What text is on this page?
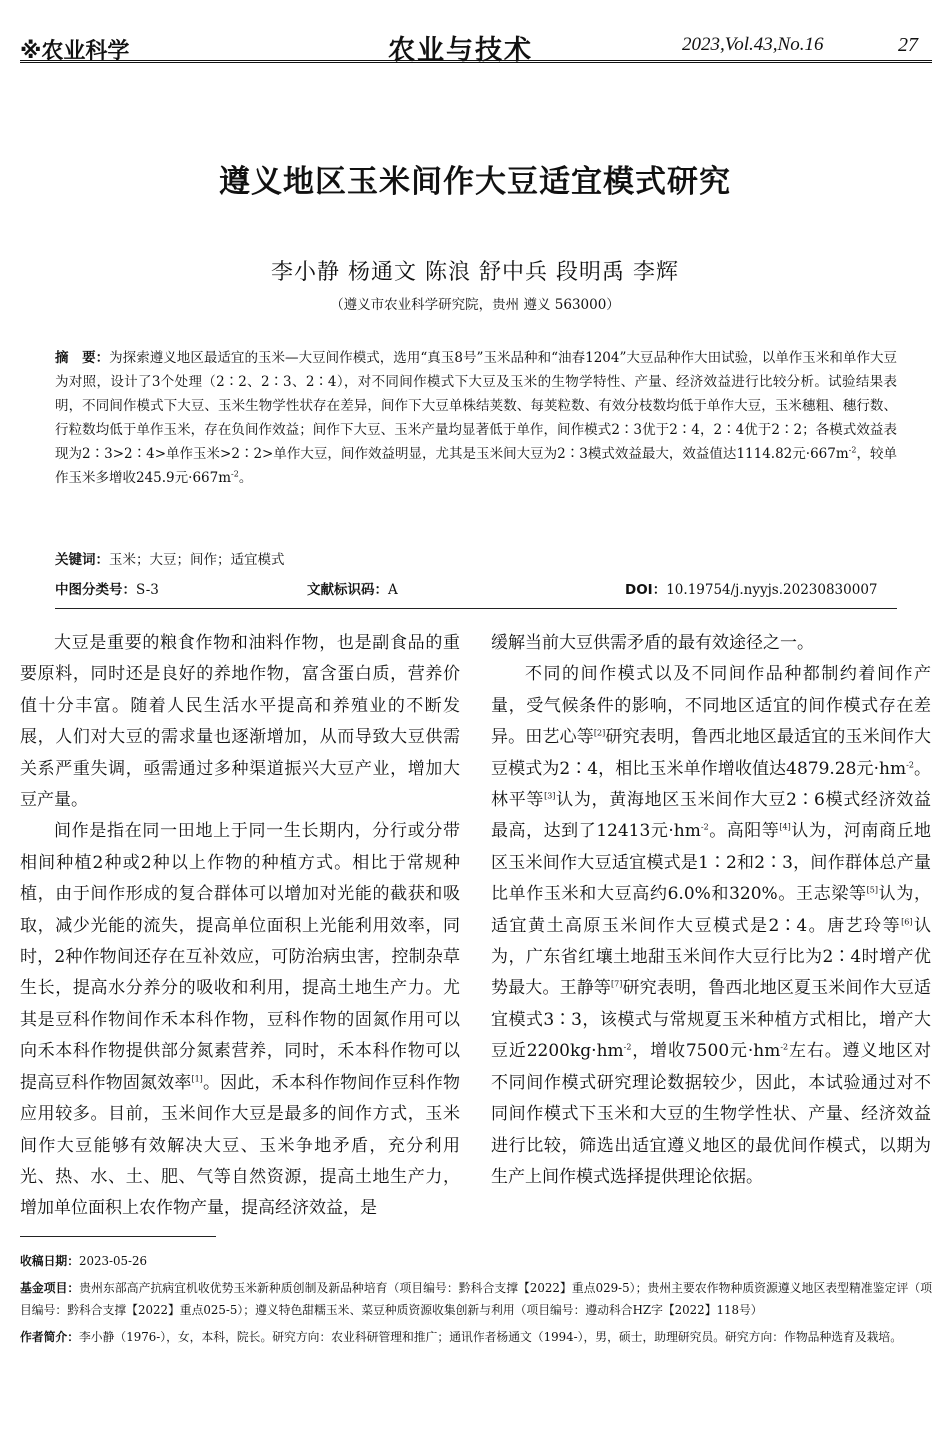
※农业科学	农业与技术	2023,Vol.43,No.16	27
遵义地区玉米间作大豆适宜模式研究
李小静 杨通文 陈浪 舒中兵 段明禹 李辉
（遵义市农业科学研究院，贵州 遵义 563000）
摘　要：为探索遵义地区最适宜的玉米—大豆间作模式，选用“真玉8号”玉米品种和“油春1204”大豆品种作大田试验，以单作玉米和单作大豆为对照，设计了3个处理（2∶2、2∶3、2∶4），对不同间作模式下大豆及玉米的生物学特性、产量、经济效益进行比较分析。试验结果表明，不同间作模式下大豆、玉米生物学性状存在差异，间作下大豆单株结荚数、每荚粒数、有效分枝数均低于单作大豆，玉米穗粗、穗行数、行粒数均低于单作玉米，存在负间作效益；间作下大豆、玉米产量均显著低于单作，间作模式2∶3优于2∶4，2∶4优于2∶2；各模式效益表现为2∶3>2∶4>单作玉米>2∶2>单作大豆，间作效益明显，尤其是玉米间大豆为2∶3模式效益最大，效益值达1114.82元$\cdot 667m^{-2}$，较单作玉米多增收245.9元$\cdot 667m^{-2}$。
关键词：玉米；大豆；间作；适宜模式
中图分类号：S-3	文献标识码：A	DOI：10.19754/j.nyyjs.20230830007

大豆是重要的粮食作物和油料作物，也是副食品的重要原料，同时还是良好的养地作物，富含蛋白质，营养价值十分丰富。随着人民生活水平提高和养殖业的不断发展，人们对大豆的需求量也逐渐增加，从而导致大豆供需关系严重失调，亟需通过多种渠道振兴大豆产业，增加大豆产量。

间作是指在同一田地上于同一生长期内，分行或分带相间种植2种或2种以上作物的种植方式。相比于常规种植，由于间作形成的复合群体可以增加对光能的截获和吸取，减少光能的流失，提高单位面积上光能利用效率，同时，2种作物间还存在互补效应，可防治病虫害，控制杂草生长，提高水分养分的吸收和利用，提高土地生产力。尤其是豆科作物间作禾本科作物，豆科作物的固氮作用可以向禾本科作物提供部分氮素营养，同时，禾本科作物可以提高豆科作物固氮效率[1]。因此，禾本科作物间作豆科作物应用较多。目前，玉米间作大豆是最多的间作方式，玉米间作大豆能够有效解决大豆、玉米争地矛盾，充分利用光、热、水、土、肥、气等自然资源，提高土地生产力，增加单位面积上农作物产量，提高经济效益，是

缓解当前大豆供需矛盾的最有效途径之一。

不同的间作模式以及不同间作品种都制约着间作产量，受气候条件的影响，不同地区适宜的间作模式存在差异。田艺心等[2]研究表明，鲁西北地区最适宜的玉米间作大豆模式为2∶4，相比玉米单作增收值达4879.28元$\cdot hm^{-2}$。林平等[3]认为，黄海地区玉米间作大豆2∶6模式经济效益最高，达到了12413元$\cdot hm^{-2}$。高阳等[4]认为，河南商丘地区玉米间作大豆适宜模式是1∶2和2∶3，间作群体总产量比单作玉米和大豆高约6.0%和320%。王志梁等[5]认为，适宜黄土高原玉米间作大豆模式是2∶4。唐艺玲等[6]认为，广东省红壤土地甜玉米间作大豆行比为2∶4时增产优势最大。王静等[7]研究表明，鲁西北地区夏玉米间作大豆适宜模式3∶3，该模式与常规夏玉米种植方式相比，增产大豆近$2200kg\cdot hm^{-2}$，增收7500元$\cdot hm^{-2}$左右。遵义地区对不同间作模式研究理论数据较少，因此，本试验通过对不同间作模式下玉米和大豆的生物学性状、产量、经济效益进行比较，筛选出适宜遵义地区的最优间作模式，以期为生产上间作模式选择提供理论依据。

收稿日期：2023-05-26

基金项目：贵州东部高产抗病宜机收优势玉米新种质创制及新品种培育（项目编号：黔科合支撑【2022】重点029-5）；贵州主要农作物种质资源遵义地区表型精准鉴定评（项目编号：黔科合支撑【2022】重点025-5）；遵义特色甜糯玉米、菜豆种质资源收集创新与利用（项目编号：遵动科合HZ字【2022】118号）

作者简介：李小静（1976-），女，本科，院长。研究方向：农业科研管理和推广；通讯作者杨通文（1994-），男，硕士，助理研究员。研究方向：作物品种选育及栽培。
